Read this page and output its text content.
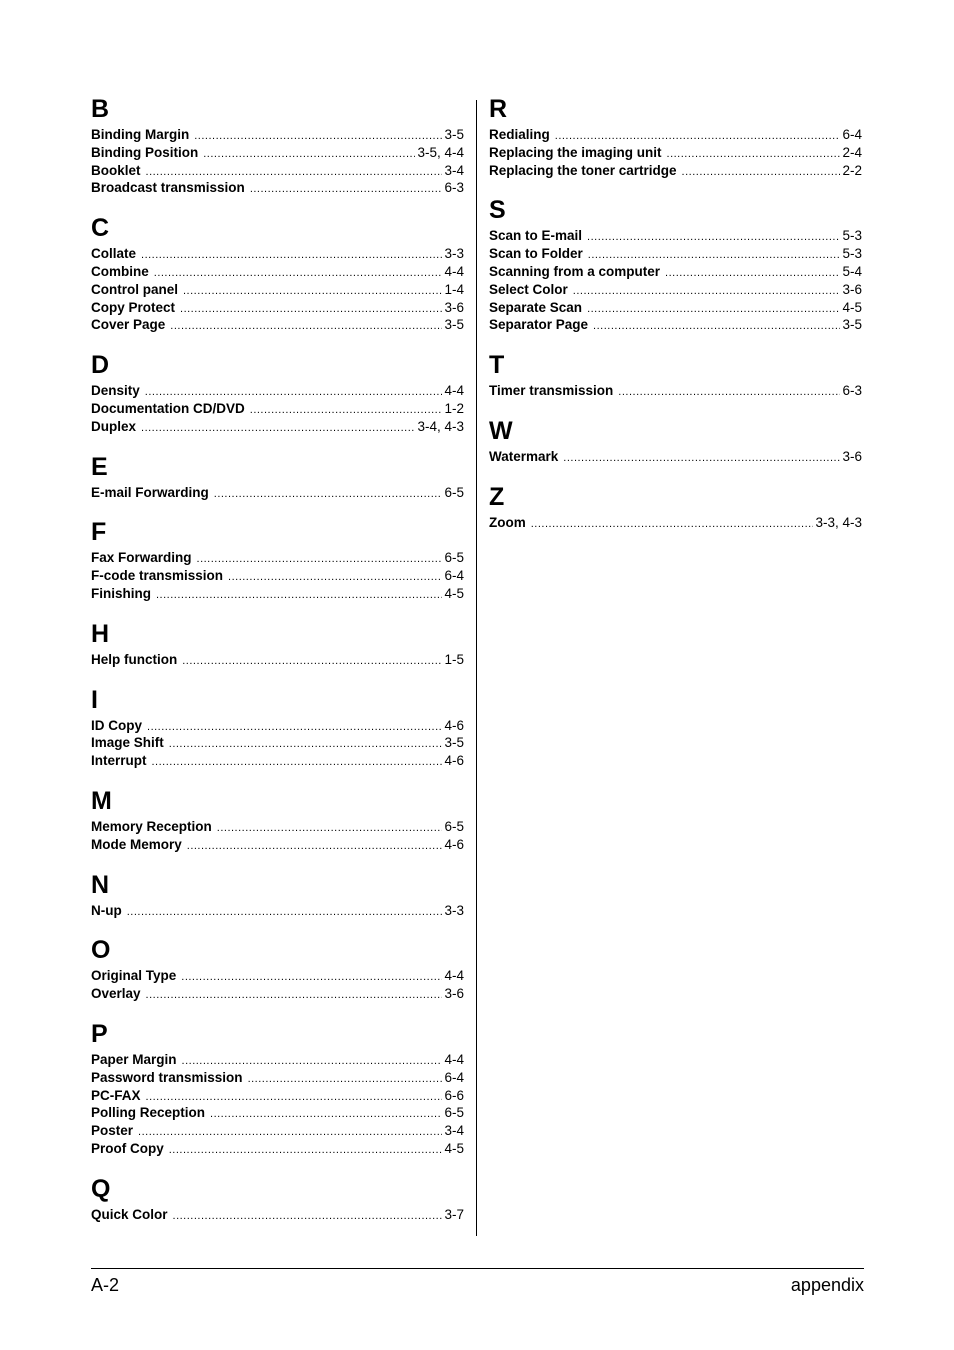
B
Binding Margin .....	3-5
Binding Position .....	3-5, 4-4
Booklet .....	3-4
Broadcast transmission .....	6-3
C
Collate .....	3-3
Combine .....	4-4
Control panel .....	1-4
Copy Protect .....	3-6
Cover Page .....	3-5
D
Density .....	4-4
Documentation CD/DVD .....	1-2
Duplex .....	3-4, 4-3
E
E-mail Forwarding .....	6-5
F
Fax Forwarding .....	6-5
F-code transmission .....	6-4
Finishing .....	4-5
H
Help function .....	1-5
I
ID Copy .....	4-6
Image Shift .....	3-5
Interrupt .....	4-6
M
Memory Reception .....	6-5
Mode Memory .....	4-6
N
N-up .....	3-3
O
Original Type .....	4-4
Overlay .....	3-6
P
Paper Margin .....	4-4
Password transmission .....	6-4
PC-FAX .....	6-6
Polling Reception .....	6-5
Poster .....	3-4
Proof Copy .....	4-5
Q
Quick Color .....	3-7
R
Redialing .....	6-4
Replacing the imaging unit .....	2-4
Replacing the toner cartridge .....	2-2
S
Scan to E-mail .....	5-3
Scan to Folder .....	5-3
Scanning from a computer .....	5-4
Select Color .....	3-6
Separate Scan .....	4-5
Separator Page .....	3-5
T
Timer transmission .....	6-3
W
Watermark .....	3-6
Z
Zoom .....	3-3, 4-3
A-2	appendix
